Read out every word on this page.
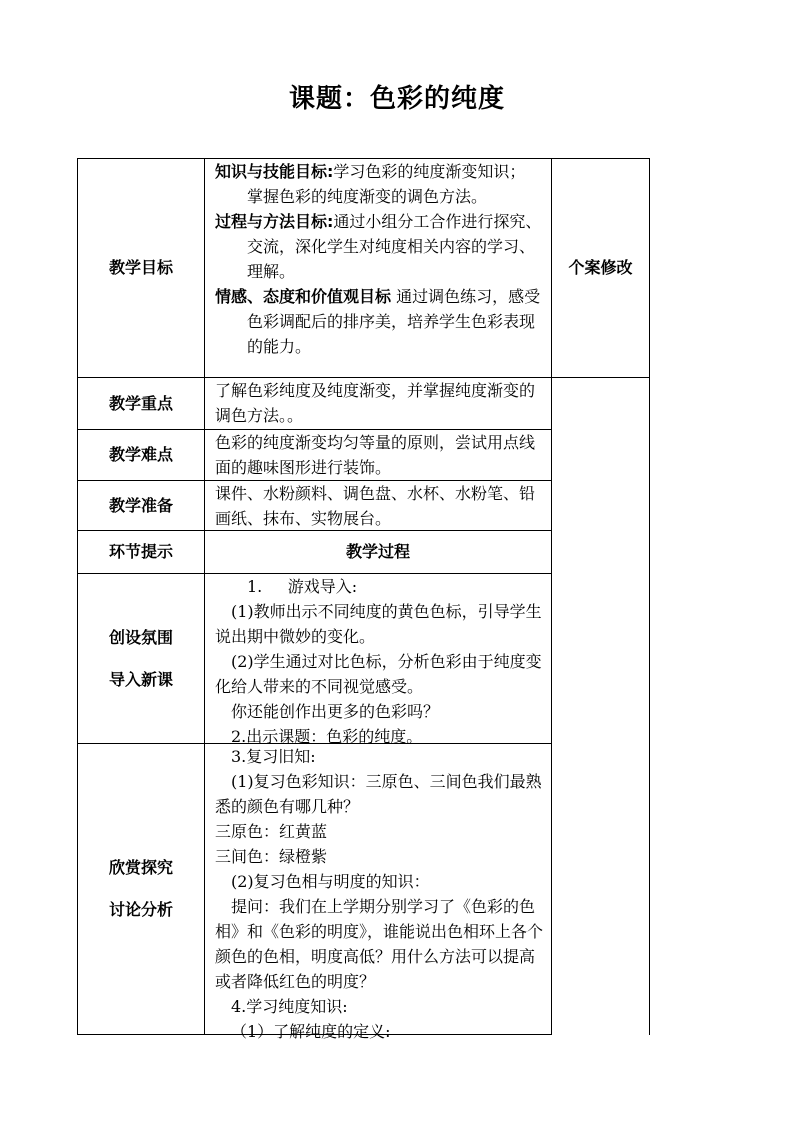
课题：色彩的纯度
教学目标

知识与技能目标:学习色彩的纯度渐变知识； 掌握色彩的纯度渐变的调色方法。

过程与方法目标:通过小组分工合作进行探究、交流，深化学生对纯度相关内容的学习、理解。

情感、态度和价值观目标 通过调色练习，感受色彩调配后的排序美，培养学生色彩表现的能力。

个案修改
教学重点

了解色彩纯度及纯度渐变，并掌握纯度渐变的调色方法。。

教学难点

色彩的纯度渐变均匀等量的原则，尝试用点线面的趣味图形进行装饰。

教学准备

课件、水粉颜料、调色盘、水杯、水粉笔、铅画纸、抹布、实物展台。

环节提示	教学过程
创设氛围
导入新课

1.     游戏导入:

(1)教师出示不同纯度的黄色色标，引导学生说出期中微妙的变化。

(2)学生通过对比色标，分析色彩由于纯度变化给人带来的不同视觉感受。

你还能创作出更多的色彩吗？

2.出示课题：色彩的纯度。

欣赏探究
讨论分析

3.复习旧知:

(1)复习色彩知识：三原色、三间色我们最熟悉的颜色有哪几种？

三原色：红黄蓝

三间色：绿橙紫

(2)复习色相与明度的知识：

提问：我们在上学期分别学习了《色彩的色相》和《色彩的明度》，谁能说出色相环上各个颜色的色相，明度高低？用什么方法可以提高或者降低红色的明度？

4.学习纯度知识:

（1）了解纯度的定义:
